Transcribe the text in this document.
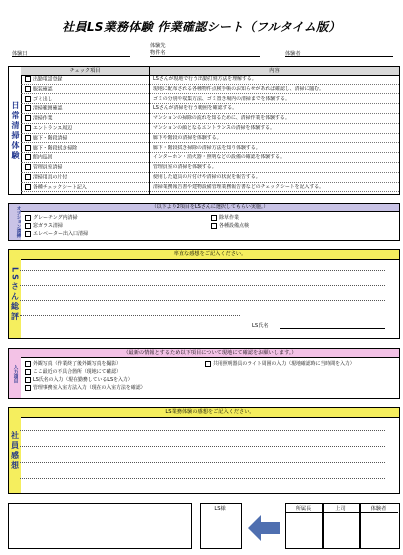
社員LS業務体験 作業確認シート（フルタイム版）
体験日
体験先
物件名	体験者
日常清掃体験
チェック項目	内容
出勤電話登録	LSさんが現地で行う出勤打刻方法を理解する。
服装確認	現地に配布される各種物件点検手帳のお知らせがあれば確認し、清掃に臨む。
ゴミ出し	ゴミの分別や収集方法、ゴミ置き場内の清掃までを体験する。
清掃範囲確認	LSさんが清掃を行う範囲を確認する。
清掃作業	マンションの掃除の流れを知るために、清掃作業を体験する。
エントランス周辺	マンションの顔となるエントランスの清掃を体験する。
廊下・階段清掃	廊下や階段の清掃を体験する。
廊下・階段拭き掃除	廊下・階段拭き掃除の清掃方法を知り体験する。
館内巡回	インターホン・消火器・照明などの設備の確認を体験する。
管理員室清掃	管理員室の清掃を体験する。
清掃用具の片付	使用した道具の片付けや清掃の状況を報告する。
各種チェックシート記入	清掃業務報告書や建物設備管理業務報告書などのチェックシートを記入する。
オプション清掃	（以下より2項目をLSさんに選択してもらい実施。）
グレーチング内清掃
窓ガラス清掃
エレベーター出入口清掃
除草作業
各種設備点検
LSさん総評
率直な感想をご記入ください。
LS氏名
入力項目
（最新の情報とするため以下項目について現地にて確認をお願いします。）
外観写真（作業終了後外観写真を撮影）
ここ最近の不具合箇所（現地にて確認）
LS氏名の入力（現在勤務しているLSを入力）
管理事務室入室方法入力（現在の入室方法を確認）
共用照明器具のライト周囲の入力（現地確認時に当時間を入力）
社員感想
LS業務体験の感想をご記入ください。
LS様	所属長	上司	体験者
